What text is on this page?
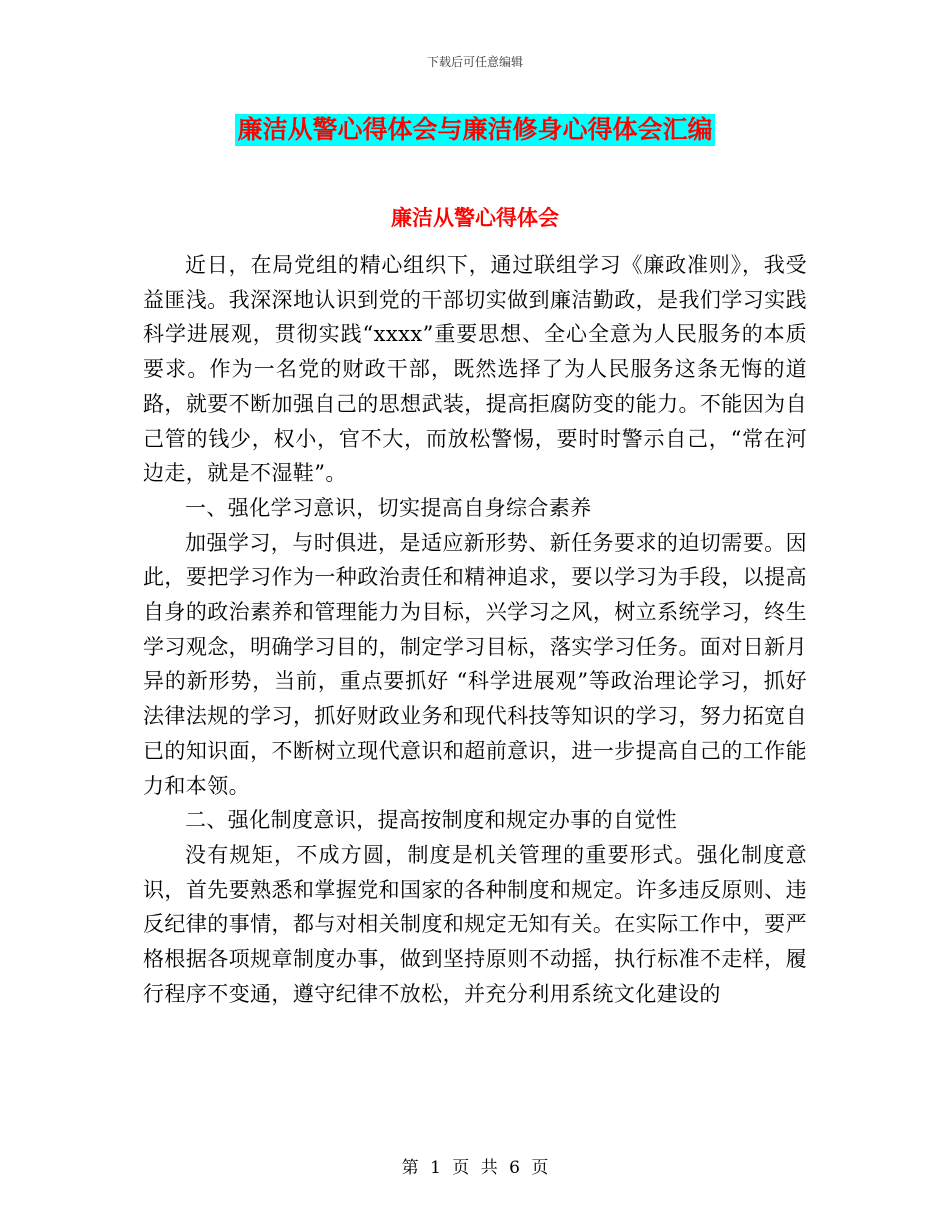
下载后可任意编辑
廉洁从警心得体会与廉洁修身心得体会汇编
廉洁从警心得体会

近日，在局党组的精心组织下，通过联组学习《廉政准则》，我受益匪浅。我深深地认识到党的干部切实做到廉洁勤政，是我们学习实践科学进展观，贯彻实践“xxxx”重要思想、全心全意为人民服务的本质要求。作为一名党的财政干部，既然选择了为人民服务这条无悔的道路，就要不断加强自己的思想武装，提高拒腐防变的能力。不能因为自己管的钱少，权小，官不大，而放松警惕，要时时警示自己，“常在河边走，就是不湿鞋”。

一、强化学习意识，切实提高自身综合素养

加强学习，与时俱进，是适应新形势、新任务要求的迫切需要。因此，要把学习作为一种政治责任和精神追求，要以学习为手段，以提高自身的政治素养和管理能力为目标，兴学习之风，树立系统学习，终生学习观念，明确学习目的，制定学习目标，落实学习任务。面对日新月异的新形势，当前，重点要抓好 “科学进展观”等政治理论学习，抓好法律法规的学习，抓好财政业务和现代科技等知识的学习，努力拓宽自已的知识面，不断树立现代意识和超前意识，进一步提高自己的工作能力和本领。

二、强化制度意识，提高按制度和规定办事的自觉性

没有规矩，不成方圆，制度是机关管理的重要形式。强化制度意识，首先要熟悉和掌握党和国家的各种制度和规定。许多违反原则、违反纪律的事情，都与对相关制度和规定无知有关。在实际工作中，要严格根据各项规章制度办事，做到坚持原则不动摇，执行标准不走样，履行程序不变通，遵守纪律不放松，并充分利用系统文化建设的

第 1 页 共 6 页
